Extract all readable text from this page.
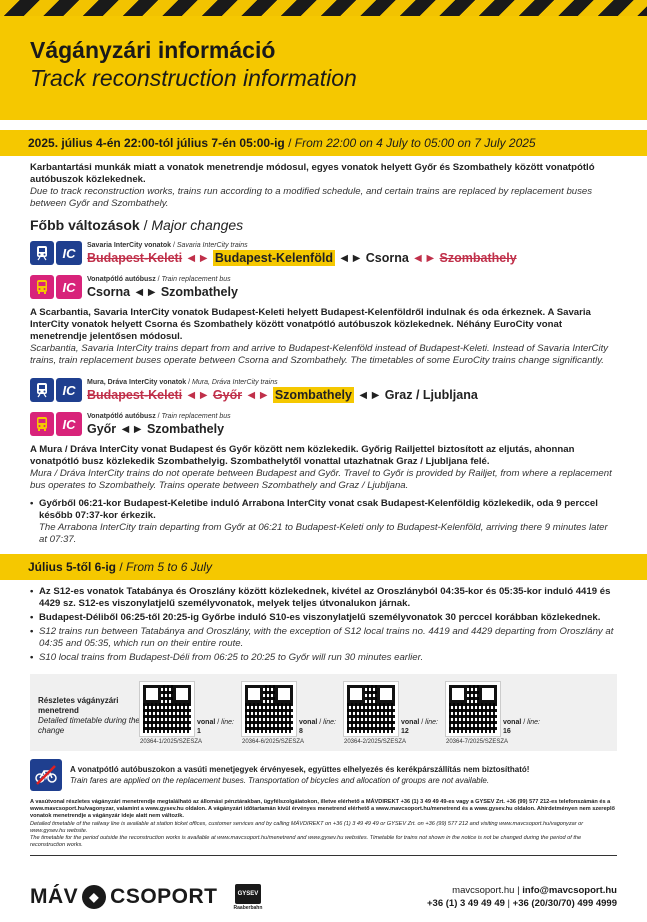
Vágányzári információ
Track reconstruction information
2025. július 4-én 22:00-tól július 7-én 05:00-ig / From 22:00 on 4 July to 05:00 on 7 July 2025
Karbantartási munkák miatt a vonatok menetrendje módosul, egyes vonatok helyett Győr és Szombathely között vonatpótló autóbuszok közlekednek.
Due to track reconstruction works, trains run according to a modified schedule, and certain trains are replaced by replacement buses between Győr and Szombathely.
Főbb változások / Major changes
IC
Savaria InterCity vonatok / Savaria InterCity trains
Budapest-Keleti ◄► Budapest-Kelenföld ◄► Csorna ◄► Szombathely
IC
Vonatpótló autóbusz / Train replacement bus
Csorna ◄► Szombathely
A Scarbantia, Savaria InterCity vonatok Budapest-Keleti helyett Budapest-Kelenföldről indulnak és oda érkeznek. A Savaria InterCity vonatok helyett Csorna és Szombathely között vonatpótló autóbuszok közlekednek. Néhány EuroCity vonat menetrendje jelentősen módosul.
Scarbantia, Savaria InterCity trains depart from and arrive to Budapest-Kelenföld instead of Budapest-Keleti. Instead of Savaria InterCity trains, train replacement buses operate between Csorna and Szombathely. The timetables of some EuroCity trains change significantly.
IC
Mura, Dráva InterCity vonatok / Mura, Dráva InterCity trains
Budapest-Keleti ◄► Győr ◄► Szombathely ◄► Graz / Ljubljana
IC
Vonatpótló autóbusz / Train replacement bus
Győr ◄► Szombathely
A Mura / Dráva InterCity vonat Budapest és Győr között nem közlekedik. Győrig Railjettel biztosított az eljutás, ahonnan vonatpótló busz közlekedik Szombathelyig. Szombathelytől vonattal utazhatnak Graz / Ljubljana felé.
Mura / Dráva InterCity trains do not operate between Budapest and Győr. Travel to Győr is provided by Railjet, from where a replacement bus operates to Szombathely. Trains operate between Szombathely and Graz / Ljubljana.
• Győrből 06:21-kor Budapest-Keletibe induló Arrabona InterCity vonat csak Budapest-Kelenföldig közlekedik, oda 9 perccel később 07:37-kor érkezik.
The Arrabona InterCity train departing from Győr at 06:21 to Budapest-Keleti only to Budapest-Kelenföld, arriving there 9 minutes later at 07:37.
Július 5-től 6-ig / From 5 to 6 July
• Az S12-es vonatok Tatabánya és Oroszlány között közlekednek, kivétel az Oroszlányból 04:35-kor és 05:35-kor induló 4419 és 4429 sz. S12-es viszonylatjelű személyvonatok, melyek teljes útvonalukon járnak.
• Budapest-Déliből 06:25-től 20:25-ig Győrbe induló S10-es viszonylatjelű személyvonatok 30 perccel korábban közlekednek.
• S12 trains run between Tatabánya and Oroszlány, with the exception of S12 local trains no. 4419 and 4429 departing from Oroszlány at 04:35 and 05:35, which run on their entire route.
• S10 local trains from Budapest-Déli from 06:25 to 20:25 to Győr will run 30 minutes earlier.
Részletes vágányzári menetrend
Detailed timetable during the change
vonal / line:
1
20364-1/2025/SZESZA
vonal / line:
8
20364-6/2025/SZESZA
vonal / line:
12
20364-2/2025/SZESZA
vonal / line:
16
20364-7/2025/SZESZA
A vonatpótló autóbuszokon a vasúti menetjegyek érvényesek, együttes elhelyezés és kerékpárszállítás nem biztosítható!
Train fares are applied on the replacement buses. Transportation of bicycles and allocation of groups are not available.
A vasútvonal részletes vágányzári menetrendje megtalálható az állomási pénztárakban, ügyfélszolgálatokon, illetve elérhető a MÁVDIREKT +36 (1) 3 49 49 49-es vagy a GYSEV Zrt. +36 (99) 577 212-es telefonszámán és a www.mavcsoport.hu/vagonyzar, valamint a www.gysev.hu oldalon. A vágányzári időtartamán kívül érvényes menetrend elérhető a www.mavcsoport.hu/menetrend és a www.gysev.hu oldalon. Ahirdetményen nem szereplő vonatok menetrendje a vágányzár ideje alatt nem változik.
Detailed timetable of the railway line is available at station ticket offices, customer services and by calling MÁVDIREKT on +36 (1) 3 49 49 49 or GYSEV Zrt. on +36 (99) 577 212 and visiting www.mavcsoport.hu/vagonyzar or www.gysev.hu website.
The timetable for the period outside the reconstruction works is available at www.mavcsoport.hu/menetrend and www.gysev.hu websites. Timetable for trains not shown in the notice is not be changed during the period of the reconstruction works.
MÁV ◆ CSOPORT	GYSEV
Raaberbahn
mavcsoport.hu | info@mavcsoport.hu
+36 (1) 3 49 49 49 | +36 (20/30/70) 499 4999
